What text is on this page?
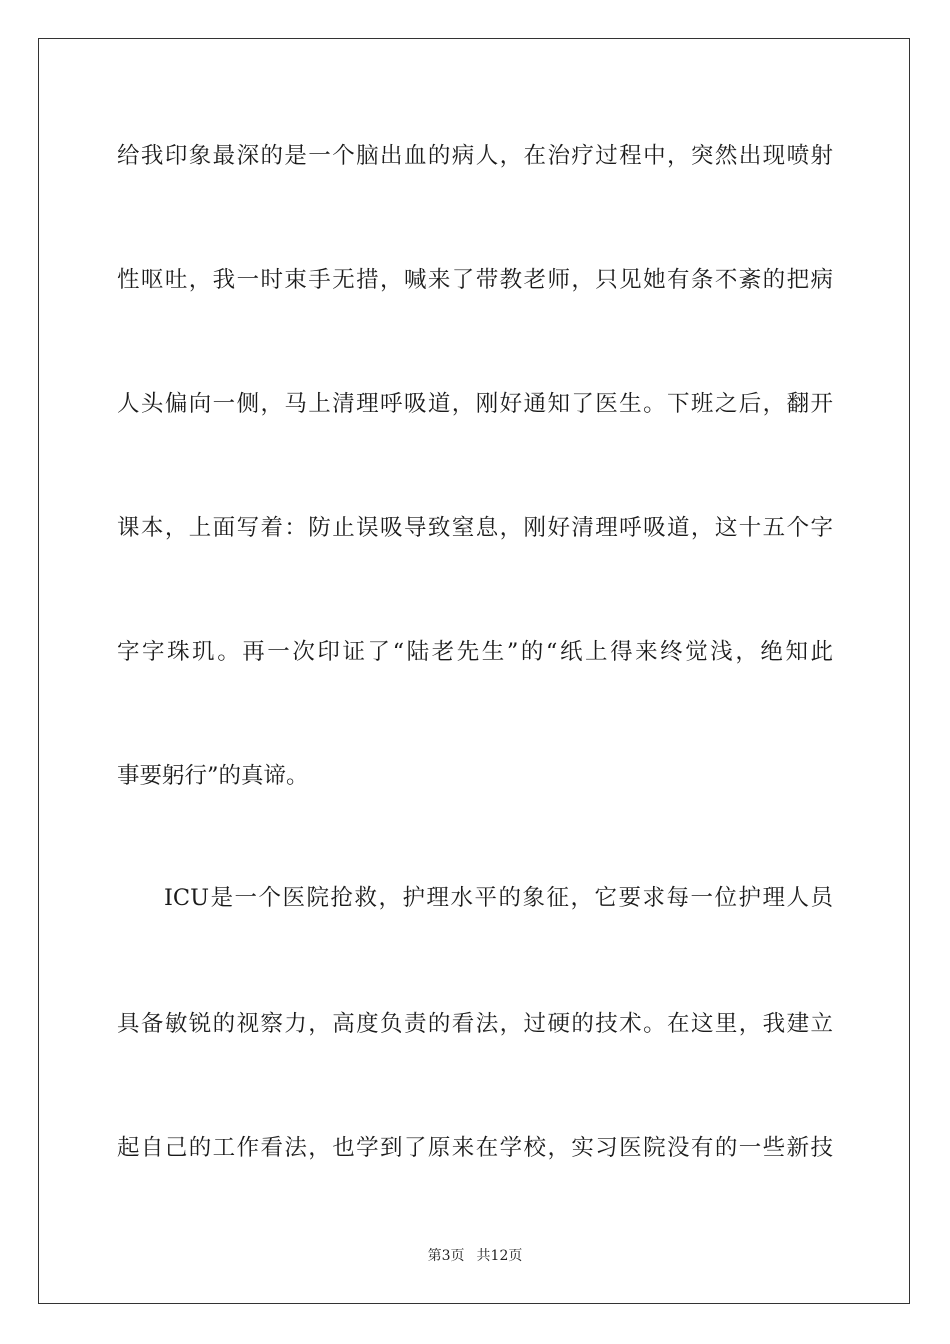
给我印象最深的是一个脑出血的病人，在治疗过程中，突然出现喷射
性呕吐，我一时束手无措，喊来了带教老师，只见她有条不紊的把病
人头偏向一侧，马上清理呼吸道，刚好通知了医生。下班之后，翻开
课本，上面写着：防止误吸导致窒息，刚好清理呼吸道，这十五个字
字字珠玑。再一次印证了“陆老先生”的“纸上得来终觉浅，绝知此
事要躬行”的真谛。
ICU是一个医院抢救，护理水平的象征，它要求每一位护理人员
具备敏锐的视察力，高度负责的看法，过硬的技术。在这里，我建立
起自己的工作看法，也学到了原来在学校，实习医院没有的一些新技
第3页 共12页
